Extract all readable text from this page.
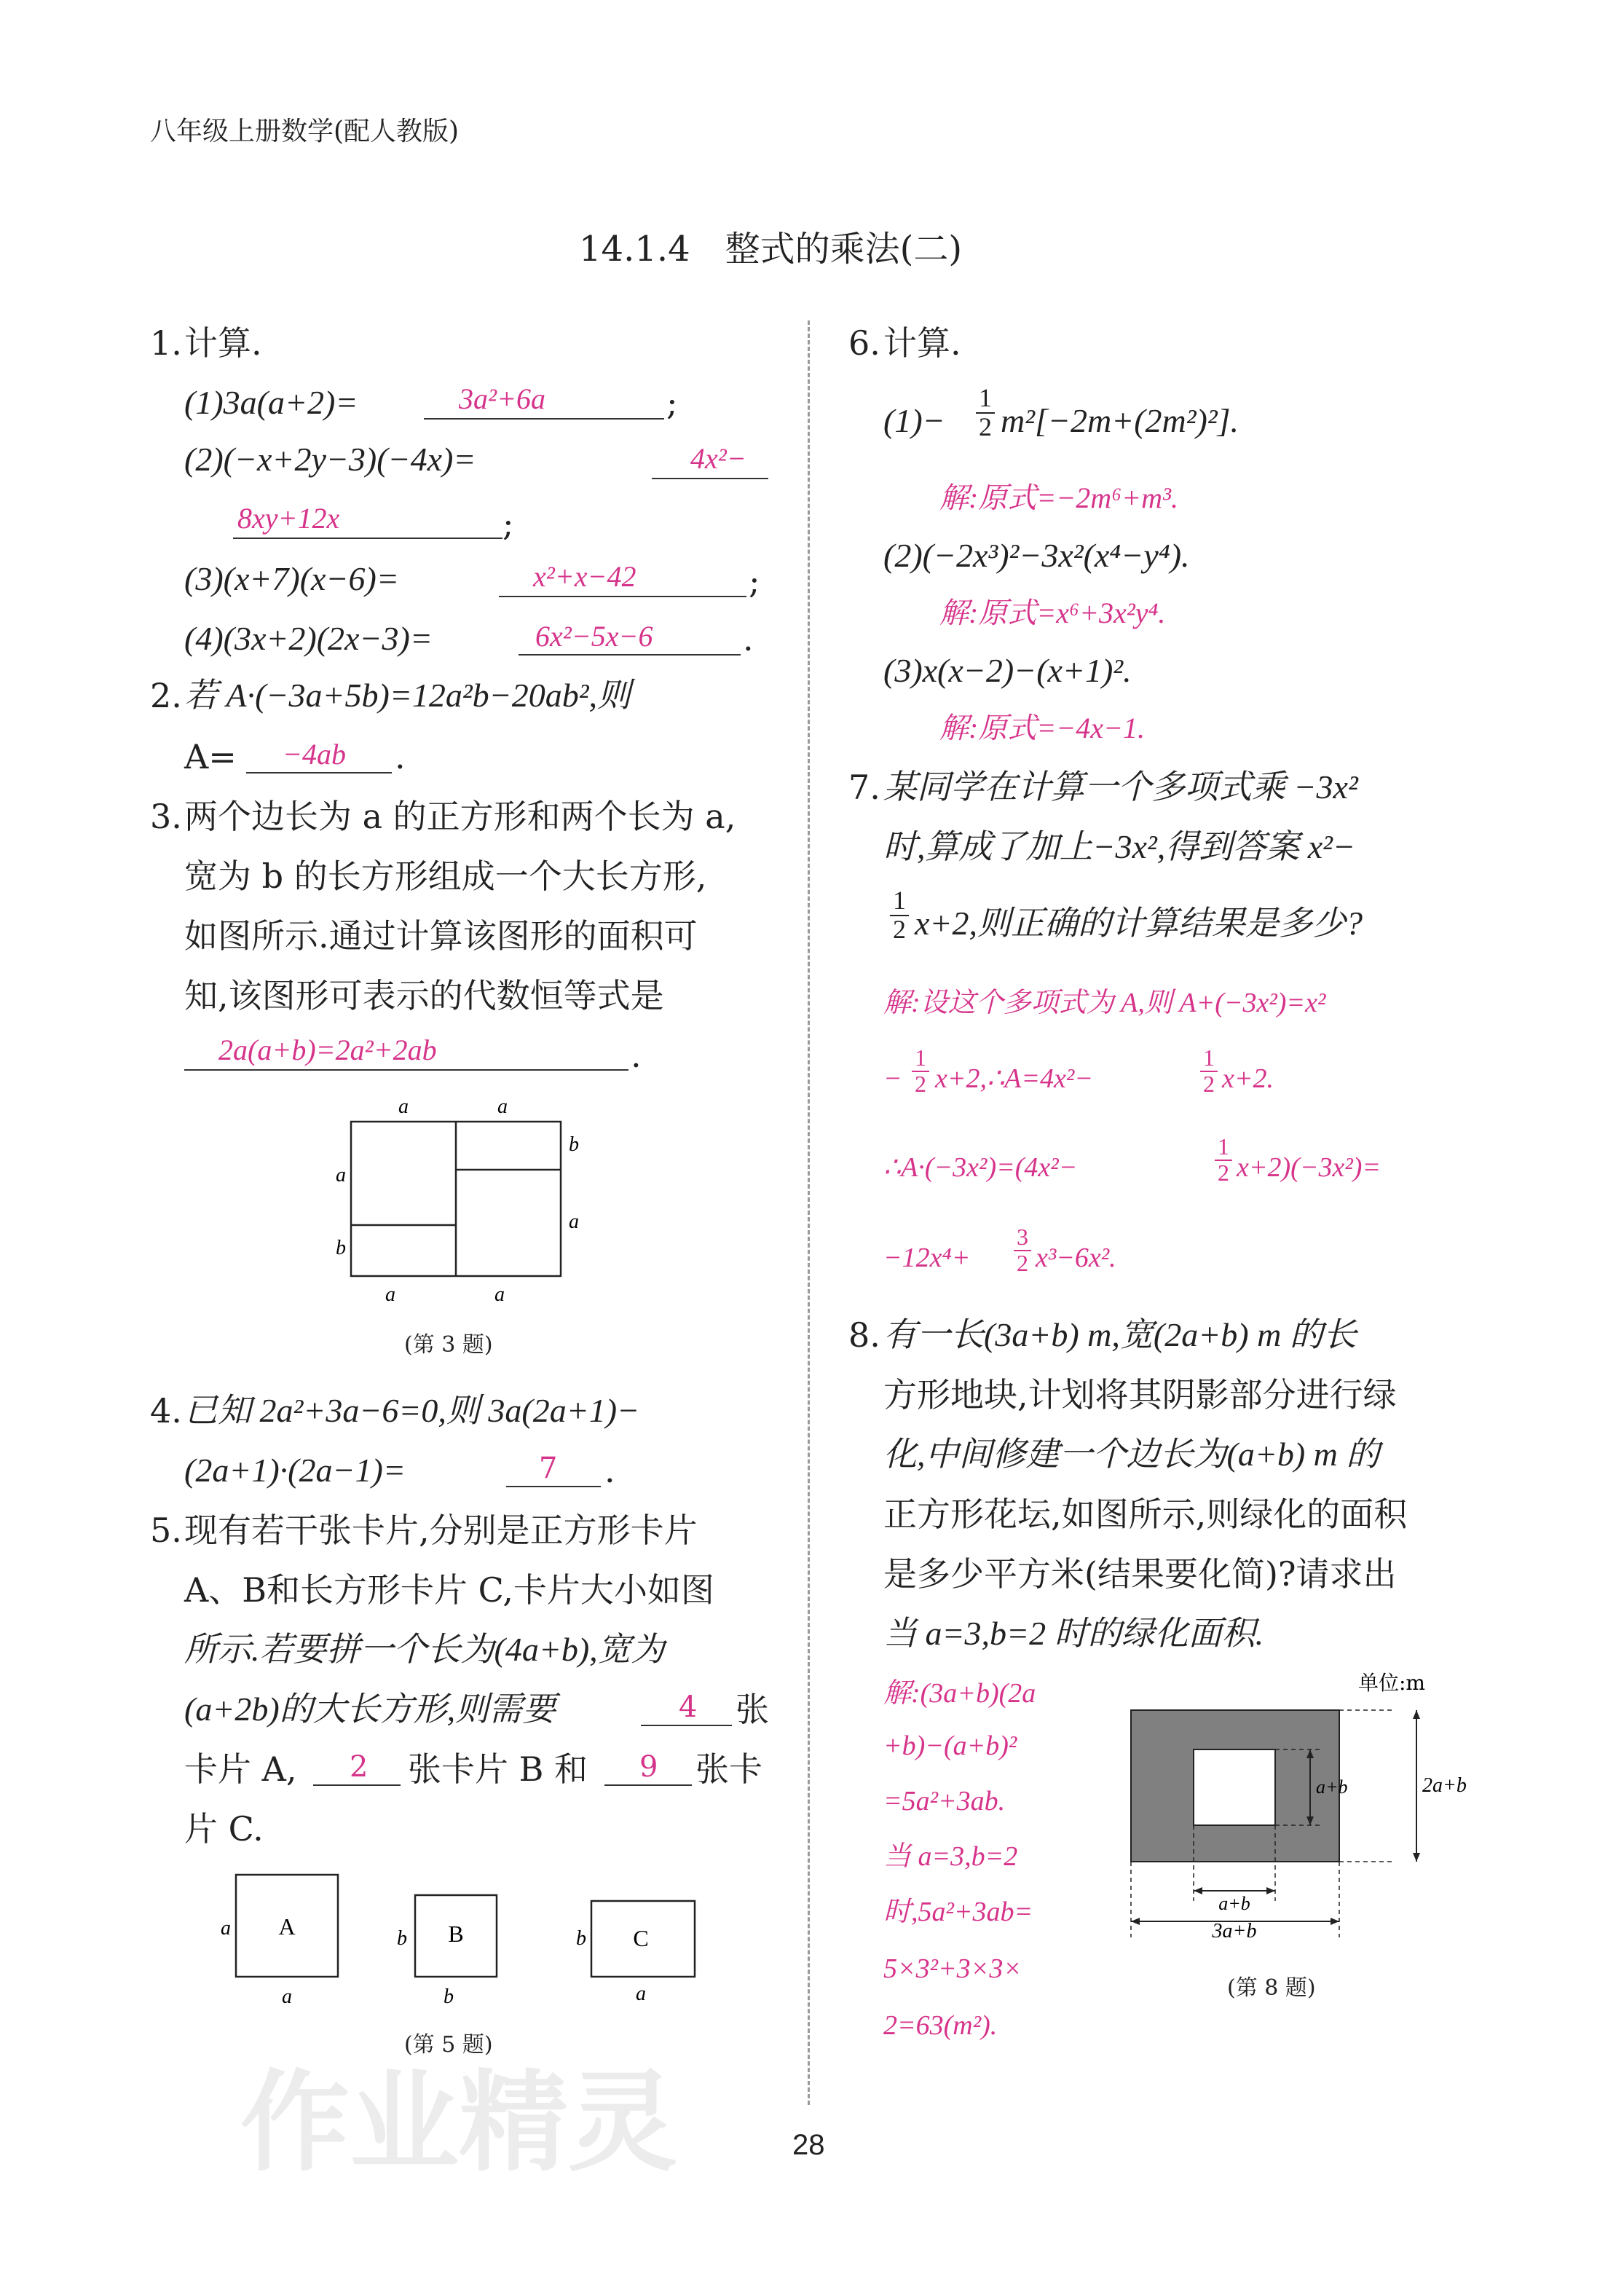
八年级上册数学(配人教版)
14.1.4　整式的乘法(二)
1. 计算.
(1)3a(a+2)=	3a²+6a	;
(2)(−x+2y−3)(−4x)=	4x²−
8xy+12x	;
(3)(x+7)(x−6)=	x²+x−42	;
(4)(3x+2)(2x−3)=	6x²−5x−6	.
2. 若 A·(−3a+5b)=12a²b−20ab²,则
A= −4ab .
3. 两个边长为 a 的正方形和两个长为 a,
宽为 b 的长方形组成一个大长方形,
如图所示.通过计算该图形的面积可
知,该图形可表示的代数恒等式是
2a(a+b)=2a²+2ab	.
a	a
a
b
b
a
a	a
(第 3 题)
4. 已知 2a²+3a−6=0,则 3a(2a+1)−
(2a+1)·(2a−1)=	7 .
5. 现有若干张卡片,分别是正方形卡片
A、B和长方形卡片 C,卡片大小如图
所示.若要拼一个长为(4a+b),宽为
(a+2b)的大长方形,则需要	4 张
卡片 A, 2 张卡片 B 和 9 张卡
片 C.
A
a
a
B
b
b
C
b
a
(第 5 题)
作业精灵
6. 计算.
(1)−
1
2 m²[−2m+(2m²)²].
解:原式=−2m⁶+m³.
(2)(−2x³)²−3x²(x⁴−y⁴).
解:原式=x⁶+3x²y⁴.
(3)x(x−2)−(x+1)².
解:原式=−4x−1.
7. 某同学在计算一个多项式乘 −3x²
时,算成了加上−3x²,得到答案 x²−
1
2 x+2,则正确的计算结果是多少?
解:设这个多项式为 A,则 A+(−3x²)=x²
−
1
2 x+2,∴A=4x²−
1
2 x+2.
∴A·(−3x²)=(4x²−
1
2 x+2)(−3x²)=
−12x⁴+
3
2 x³−6x².
8. 有一长(3a+b) m,宽(2a+b) m 的长
方形地块,计划将其阴影部分进行绿
化,中间修建一个边长为(a+b) m 的
正方形花坛,如图所示,则绿化的面积
是多少平方米(结果要化简)?请求出
当 a=3,b=2 时的绿化面积.
解:(3a+b)(2a
+b)−(a+b)²
=5a²+3ab.
当 a=3,b=2
时,5a²+3ab=
5×3²+3×3×
2=63(m²).
单位:m
a+b	2a+b
a+b
3a+b
(第 8 题)
28
